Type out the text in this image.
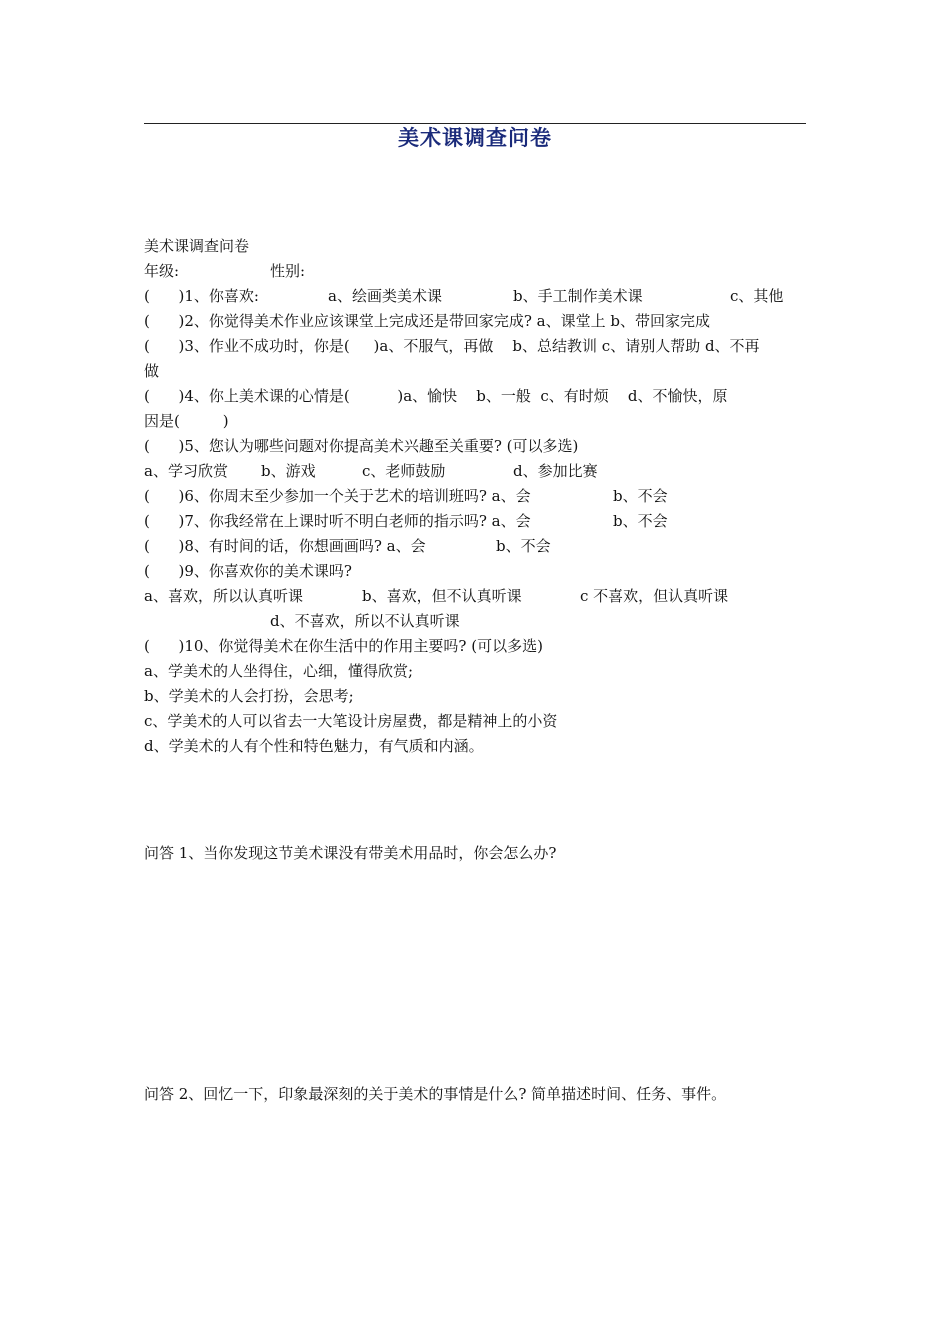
美术课调查问卷
美术课调查问卷
年级:	性别:
(      )1、你喜欢:	a、绘画类美术课	b、手工制作美术课	c、其他
(      )2、你觉得美术作业应该课堂上完成还是带回家完成? a、课堂上 b、带回家完成
(      )3、作业不成功时，你是(     )a、不服气，再做    b、总结教训 c、请别人帮助 d、不再
做
(      )4、你上美术课的心情是(          )a、愉快    b、一般  c、有时烦    d、不愉快，原
因是(         )
(      )5、您认为哪些问题对你提高美术兴趣至关重要? (可以多选)
a、学习欣赏 b、游戏	c、老师鼓励	d、参加比赛
(      )6、你周末至少参加一个关于艺术的培训班吗? a、会	b、不会
(      )7、你我经常在上课时听不明白老师的指示吗? a、会	b、不会
(      )8、有时间的话，你想画画吗? a、会	b、不会
(      )9、你喜欢你的美术课吗?
a、喜欢，所以认真听课	b、喜欢，但不认真听课	c 不喜欢，但认真听课
d、不喜欢，所以不认真听课
(      )10、你觉得美术在你生活中的作用主要吗? (可以多选)
a、学美术的人坐得住，心细，懂得欣赏;
b、学美术的人会打扮，会思考;
c、学美术的人可以省去一大笔设计房屋费，都是精神上的小资
d、学美术的人有个性和特色魅力，有气质和内涵。
问答 1、当你发现这节美术课没有带美术用品时，你会怎么办?
问答 2、回忆一下，印象最深刻的关于美术的事情是什么? 简单描述时间、任务、事件。
